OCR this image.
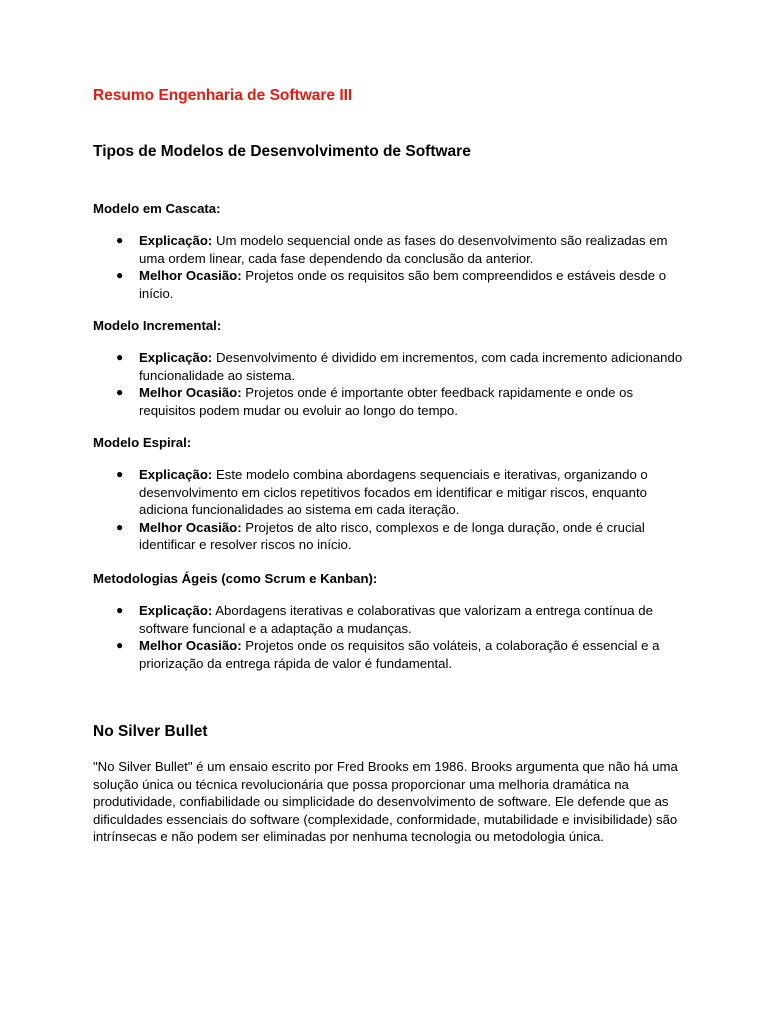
Resumo Engenharia de Software III
Tipos de Modelos de Desenvolvimento de Software

Modelo em Cascata:

● Explicação: Um modelo sequencial onde as fases do desenvolvimento são realizadas em uma ordem linear, cada fase dependendo da conclusão da anterior.
● Melhor Ocasião: Projetos onde os requisitos são bem compreendidos e estáveis desde o início.

Modelo Incremental:

● Explicação: Desenvolvimento é dividido em incrementos, com cada incremento adicionando funcionalidade ao sistema.
● Melhor Ocasião: Projetos onde é importante obter feedback rapidamente e onde os requisitos podem mudar ou evoluir ao longo do tempo.

Modelo Espiral:

● Explicação: Este modelo combina abordagens sequenciais e iterativas, organizando o desenvolvimento em ciclos repetitivos focados em identificar e mitigar riscos, enquanto adiciona funcionalidades ao sistema em cada iteração.
● Melhor Ocasião: Projetos de alto risco, complexos e de longa duração, onde é crucial identificar e resolver riscos no início.

Metodologias Ágeis (como Scrum e Kanban):

● Explicação: Abordagens iterativas e colaborativas que valorizam a entrega contínua de software funcional e a adaptação a mudanças.
● Melhor Ocasião: Projetos onde os requisitos são voláteis, a colaboração é essencial e a priorização da entrega rápida de valor é fundamental.
No Silver Bullet

"No Silver Bullet" é um ensaio escrito por Fred Brooks em 1986. Brooks argumenta que não há uma solução única ou técnica revolucionária que possa proporcionar uma melhoria dramática na produtividade, confiabilidade ou simplicidade do desenvolvimento de software. Ele defende que as dificuldades essenciais do software (complexidade, conformidade, mutabilidade e invisibilidade) são intrínsecas e não podem ser eliminadas por nenhuma tecnologia ou metodologia única.
